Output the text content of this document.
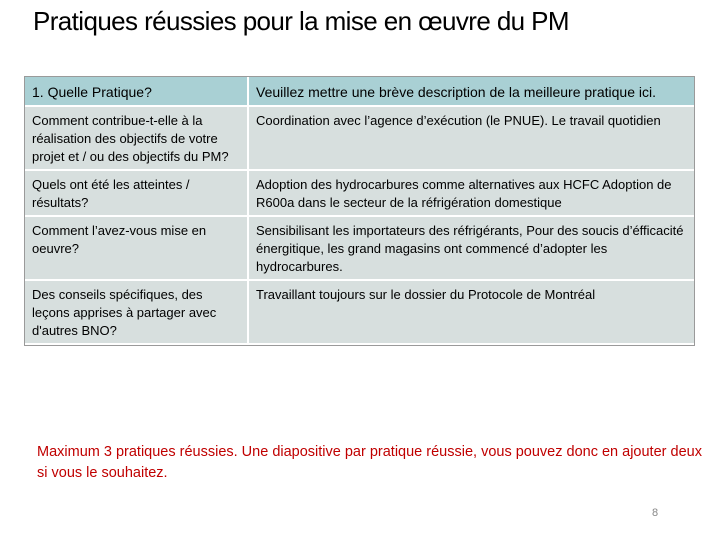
Pratiques réussies pour la mise en œuvre du PM
1. Quelle Pratique?	Veuillez mettre une brève description de la meilleure pratique ici.
Comment contribue-t-elle à la réalisation des objectifs de votre projet et / ou des objectifs du PM?	Coordination avec l’agence d’exécution (le PNUE). Le travail quotidien
Quels ont été les atteintes / résultats?	Adoption des hydrocarbures comme alternatives aux HCFC Adoption de R600a dans le secteur de la réfrigération domestique
Comment l’avez-vous mise en oeuvre?	Sensibilisant les importateurs des réfrigérants, Pour des soucis d’éfficacité énergitique, les grand magasins ont commencé d’adopter les hydrocarbures.
Des conseils spécifiques, des leçons apprises à partager avec d'autres BNO?	Travaillant toujours sur le dossier du Protocole de Montréal
Maximum 3 pratiques réussies. Une diapositive par pratique réussie, vous pouvez donc en ajouter deux si vous le souhaitez.
8
